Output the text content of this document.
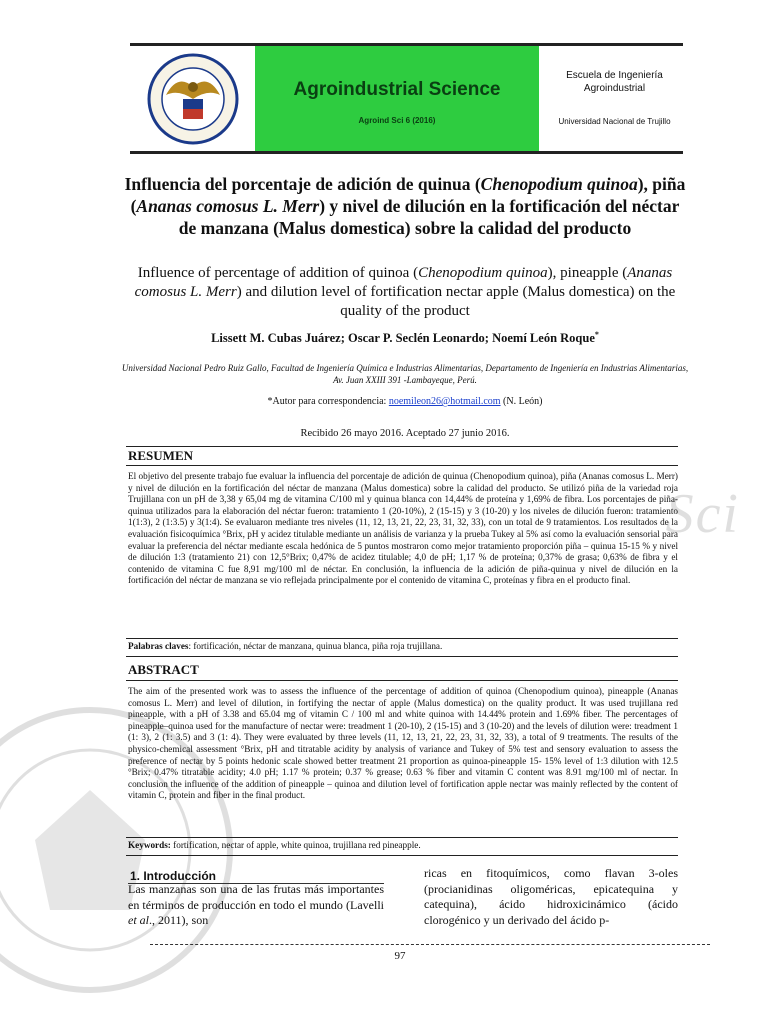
Sci
Agroindustrial Science
Agroind Sci 6 (2016)
Escuela de Ingeniería
Agroindustrial
Universidad Nacional de Trujillo
Influencia del porcentaje de adición de quinua (Chenopodium quinoa), piña (Ananas comosus L. Merr) y nivel de dilución en la fortificación del néctar de manzana (Malus domestica) sobre la calidad del producto
Influence of percentage of addition of quinoa (Chenopodium quinoa), pineapple (Ananas comosus L. Merr) and dilution level of fortification nectar apple (Malus domestica) on the quality of the product
Lissett M. Cubas Juárez; Oscar P. Seclén Leonardo; Noemí León Roque*
Universidad Nacional Pedro Ruiz Gallo, Facultad de Ingeniería Química e Industrias Alimentarias, Departamento de Ingeniería en Industrias Alimentarias, Av. Juan XXIII 391 -Lambayeque, Perú.
*Autor para correspondencia: noemileon26@hotmail.com (N. León)
Recibido 26 mayo 2016. Aceptado 27 junio 2016.
RESUMEN
El objetivo del presente trabajo fue evaluar la influencia del porcentaje de adición de quinua (Chenopodium quinoa), piña (Ananas comosus L. Merr) y nivel de dilución en la fortificación del néctar de manzana (Malus domestica) sobre la calidad del producto. Se utilizó piña de la variedad roja Trujillana con un pH de 3,38 y 65,04 mg de vitamina C/100 ml y quinua blanca con 14,44% de proteína y 1,69% de fibra. Los porcentajes de piña-quinua utilizados para la elaboración del néctar fueron: tratamiento 1 (20-10%), 2 (15-15) y 3 (10-20) y los niveles de dilución fueron: tratamiento 1(1:3), 2 (1:3.5) y 3(1:4). Se evaluaron mediante tres niveles (11, 12, 13, 21, 22, 23, 31, 32, 33), con un total de 9 tratamientos. Los resultados de la evaluación fisicoquímica °Brix, pH y acidez titulable mediante un análisis de varianza y la prueba Tukey al 5% así como la evaluación sensorial para evaluar la preferencia del néctar mediante escala hedónica de 5 puntos mostraron como mejor tratamiento proporción piña – quinua 15-15 % y nivel de dilución 1:3 (tratamiento 21) con 12,5°Brix; 0,47% de acidez titulable; 4,0 de pH; 1,17 % de proteína; 0,37% de grasa; 0,63% de fibra y el contenido de vitamina C fue 8,91 mg/100 ml de néctar. En conclusión, la influencia de la adición de piña-quinua y nivel de dilución en la fortificación del néctar de manzana se vio reflejada principalmente por el contenido de vitamina C, proteínas y fibra en el producto final.
Palabras claves: fortificación, néctar de manzana, quinua blanca, piña roja trujillana.
ABSTRACT
The aim of the presented work was to assess the influence of the percentage of addition of quinoa (Chenopodium quinoa), pineapple (Ananas comosus L. Merr) and level of dilution, in fortifying the nectar of apple (Malus domestica) on the quality product. It was used trujillana red pineapple, with a pH of 3.38 and 65.04 mg of vitamin C / 100 ml and white quinoa with 14.44% protein and 1.69% fiber. The percentages of pineapple–quinoa used for the manufacture of nectar were: treadment 1 (20-10), 2 (15-15) and 3 (10-20) and the levels of dilution were: treadment 1 (1: 3), 2 (1: 3.5) and 3 (1: 4). They were evaluated by three levels (11, 12, 13, 21, 22, 23, 31, 32, 33), a total of 9 treatments. The results of the physico-chemical assessment °Brix, pH and titratable acidity by analysis of variance and Tukey of 5% test and sensory evaluation to assess the preference of nectar by 5 points hedonic scale showed better treatment 21 proportion as quinoa-pineapple 15- 15% level of 1:3 dilution with 12.5 °Brix; 0.47% titratable acidity; 4.0 pH; 1.17 % protein; 0.37 % grease; 0.63 % fiber and vitamin C content was 8.91 mg/100 ml of nectar. In conclusion the influence of the addition of pineapple – quinoa and dilution level of fortification apple nectar was mainly reflected by the content of vitamin C, protein and fiber in the final product.
Keywords: fortification, nectar of apple, white quinoa, trujillana red pineapple.
1. Introducción
Las manzanas son una de las frutas más importantes en términos de producción en todo el mundo (Lavelli et al., 2011), son
ricas en fitoquímicos, como flavan 3-oles (procianidinas oligoméricas, epicatequina y catequina), ácido hidroxicinámico (ácido clorogénico y un derivado del ácido p-
97
